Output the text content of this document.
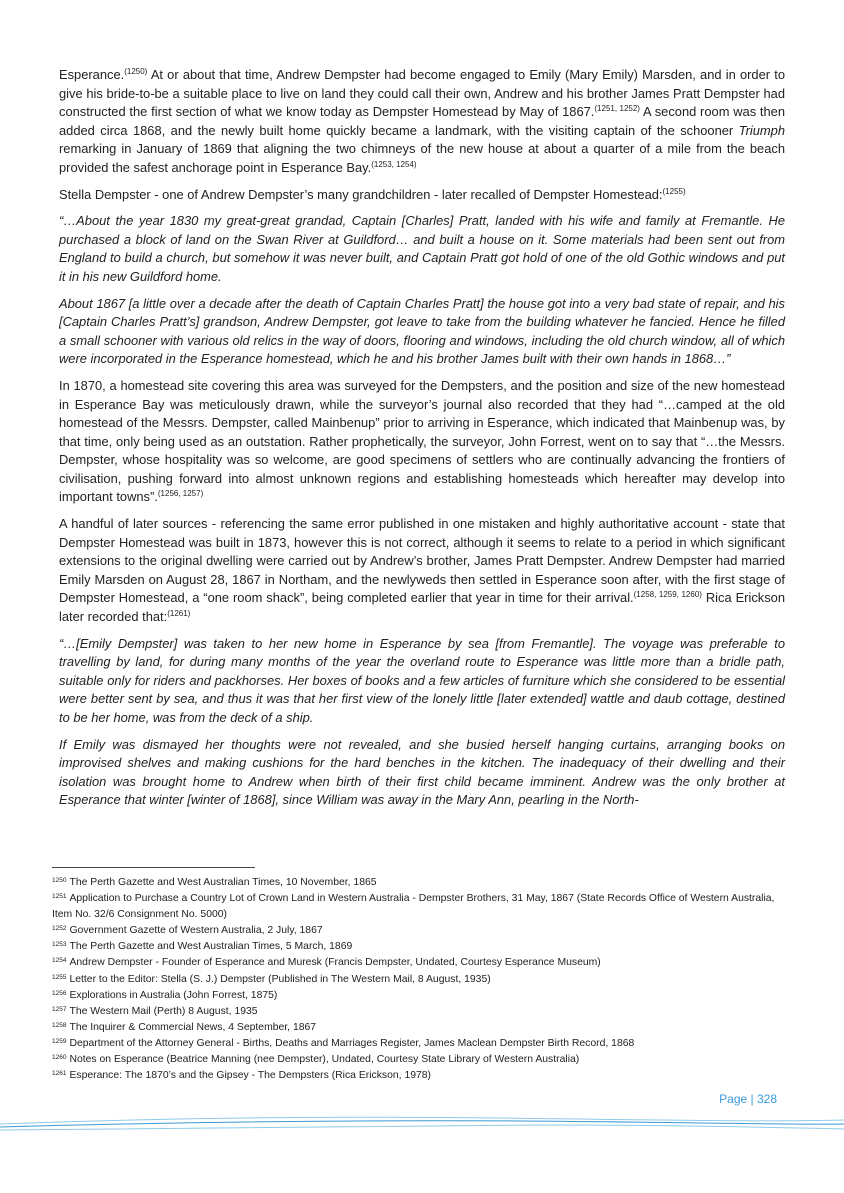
Esperance.$^{(1250)}$ At or about that time, Andrew Dempster had become engaged to Emily (Mary Emily) Marsden, and in order to give his bride-to-be a suitable place to live on land they could call their own, Andrew and his brother James Pratt Dempster had constructed the first section of what we know today as Dempster Homestead by May of 1867.$^{(1251, 1252)}$ A second room was then added circa 1868, and the newly built home quickly became a landmark, with the visiting captain of the schooner Triumph remarking in January of 1869 that aligning the two chimneys of the new house at about a quarter of a mile from the beach provided the safest anchorage point in Esperance Bay.$^{(1253, 1254)}$

Stella Dempster - one of Andrew Dempster’s many grandchildren - later recalled of Dempster Homestead:$^{(1255)}$

“…About the year 1830 my great-great grandad, Captain [Charles] Pratt, landed with his wife and family at Fremantle. He purchased a block of land on the Swan River at Guildford… and built a house on it. Some materials had been sent out from England to build a church, but somehow it was never built, and Captain Pratt got hold of one of the old Gothic windows and put it in his new Guildford home.

About 1867 [a little over a decade after the death of Captain Charles Pratt] the house got into a very bad state of repair, and his [Captain Charles Pratt’s] grandson, Andrew Dempster, got leave to take from the building whatever he fancied. Hence he filled a small schooner with various old relics in the way of doors, flooring and windows, including the old church window, all of which were incorporated in the Esperance homestead, which he and his brother James built with their own hands in 1868…”

In 1870, a homestead site covering this area was surveyed for the Dempsters, and the position and size of the new homestead in Esperance Bay was meticulously drawn, while the surveyor’s journal also recorded that they had “…camped at the old homestead of the Messrs. Dempster, called Mainbenup” prior to arriving in Esperance, which indicated that Mainbenup was, by that time, only being used as an outstation. Rather prophetically, the surveyor, John Forrest, went on to say that “…the Messrs. Dempster, whose hospitality was so welcome, are good specimens of settlers who are continually advancing the frontiers of civilisation, pushing forward into almost unknown regions and establishing homesteads which hereafter may develop into important towns”.$^{(1256, 1257)}$

A handful of later sources - referencing the same error published in one mistaken and highly authoritative account - state that Dempster Homestead was built in 1873, however this is not correct, although it seems to relate to a period in which significant extensions to the original dwelling were carried out by Andrew’s brother, James Pratt Dempster. Andrew Dempster had married Emily Marsden on August 28, 1867 in Northam, and the newlyweds then settled in Esperance soon after, with the first stage of Dempster Homestead, a “one room shack”, being completed earlier that year in time for their arrival.$^{(1258, 1259, 1260)}$ Rica Erickson later recorded that:$^{(1261)}$

“…[Emily Dempster] was taken to her new home in Esperance by sea [from Fremantle]. The voyage was preferable to travelling by land, for during many months of the year the overland route to Esperance was little more than a bridle path, suitable only for riders and packhorses. Her boxes of books and a few articles of furniture which she considered to be essential were better sent by sea, and thus it was that her first view of the lonely little [later extended] wattle and daub cottage, destined to be her home, was from the deck of a ship.

If Emily was dismayed her thoughts were not revealed, and she busied herself hanging curtains, arranging books on improvised shelves and making cushions for the hard benches in the kitchen. The inadequacy of their dwelling and their isolation was brought home to Andrew when birth of their first child became imminent. Andrew was the only brother at Esperance that winter [winter of 1868], since William was away in the Mary Ann, pearling in the North-

$^{1250}$ The Perth Gazette and West Australian Times, 10 November, 1865
$^{1251}$ Application to Purchase a Country Lot of Crown Land in Western Australia - Dempster Brothers, 31 May, 1867 (State Records Office of Western Australia, Item No. 32/6 Consignment No. 5000)
$^{1252}$ Government Gazette of Western Australia, 2 July, 1867
$^{1253}$ The Perth Gazette and West Australian Times, 5 March, 1869
$^{1254}$ Andrew Dempster - Founder of Esperance and Muresk (Francis Dempster, Undated, Courtesy Esperance Museum)
$^{1255}$ Letter to the Editor: Stella (S. J.) Dempster (Published in The Western Mail, 8 August, 1935)
$^{1256}$ Explorations in Australia (John Forrest, 1875)
$^{1257}$ The Western Mail (Perth) 8 August, 1935
$^{1258}$ The Inquirer & Commercial News, 4 September, 1867
$^{1259}$ Department of the Attorney General - Births, Deaths and Marriages Register, James Maclean Dempster Birth Record, 1868
$^{1260}$ Notes on Esperance (Beatrice Manning (nee Dempster), Undated, Courtesy State Library of Western Australia)
$^{1261}$ Esperance: The 1870’s and the Gipsey - The Dempsters (Rica Erickson, 1978)
Page | 328
